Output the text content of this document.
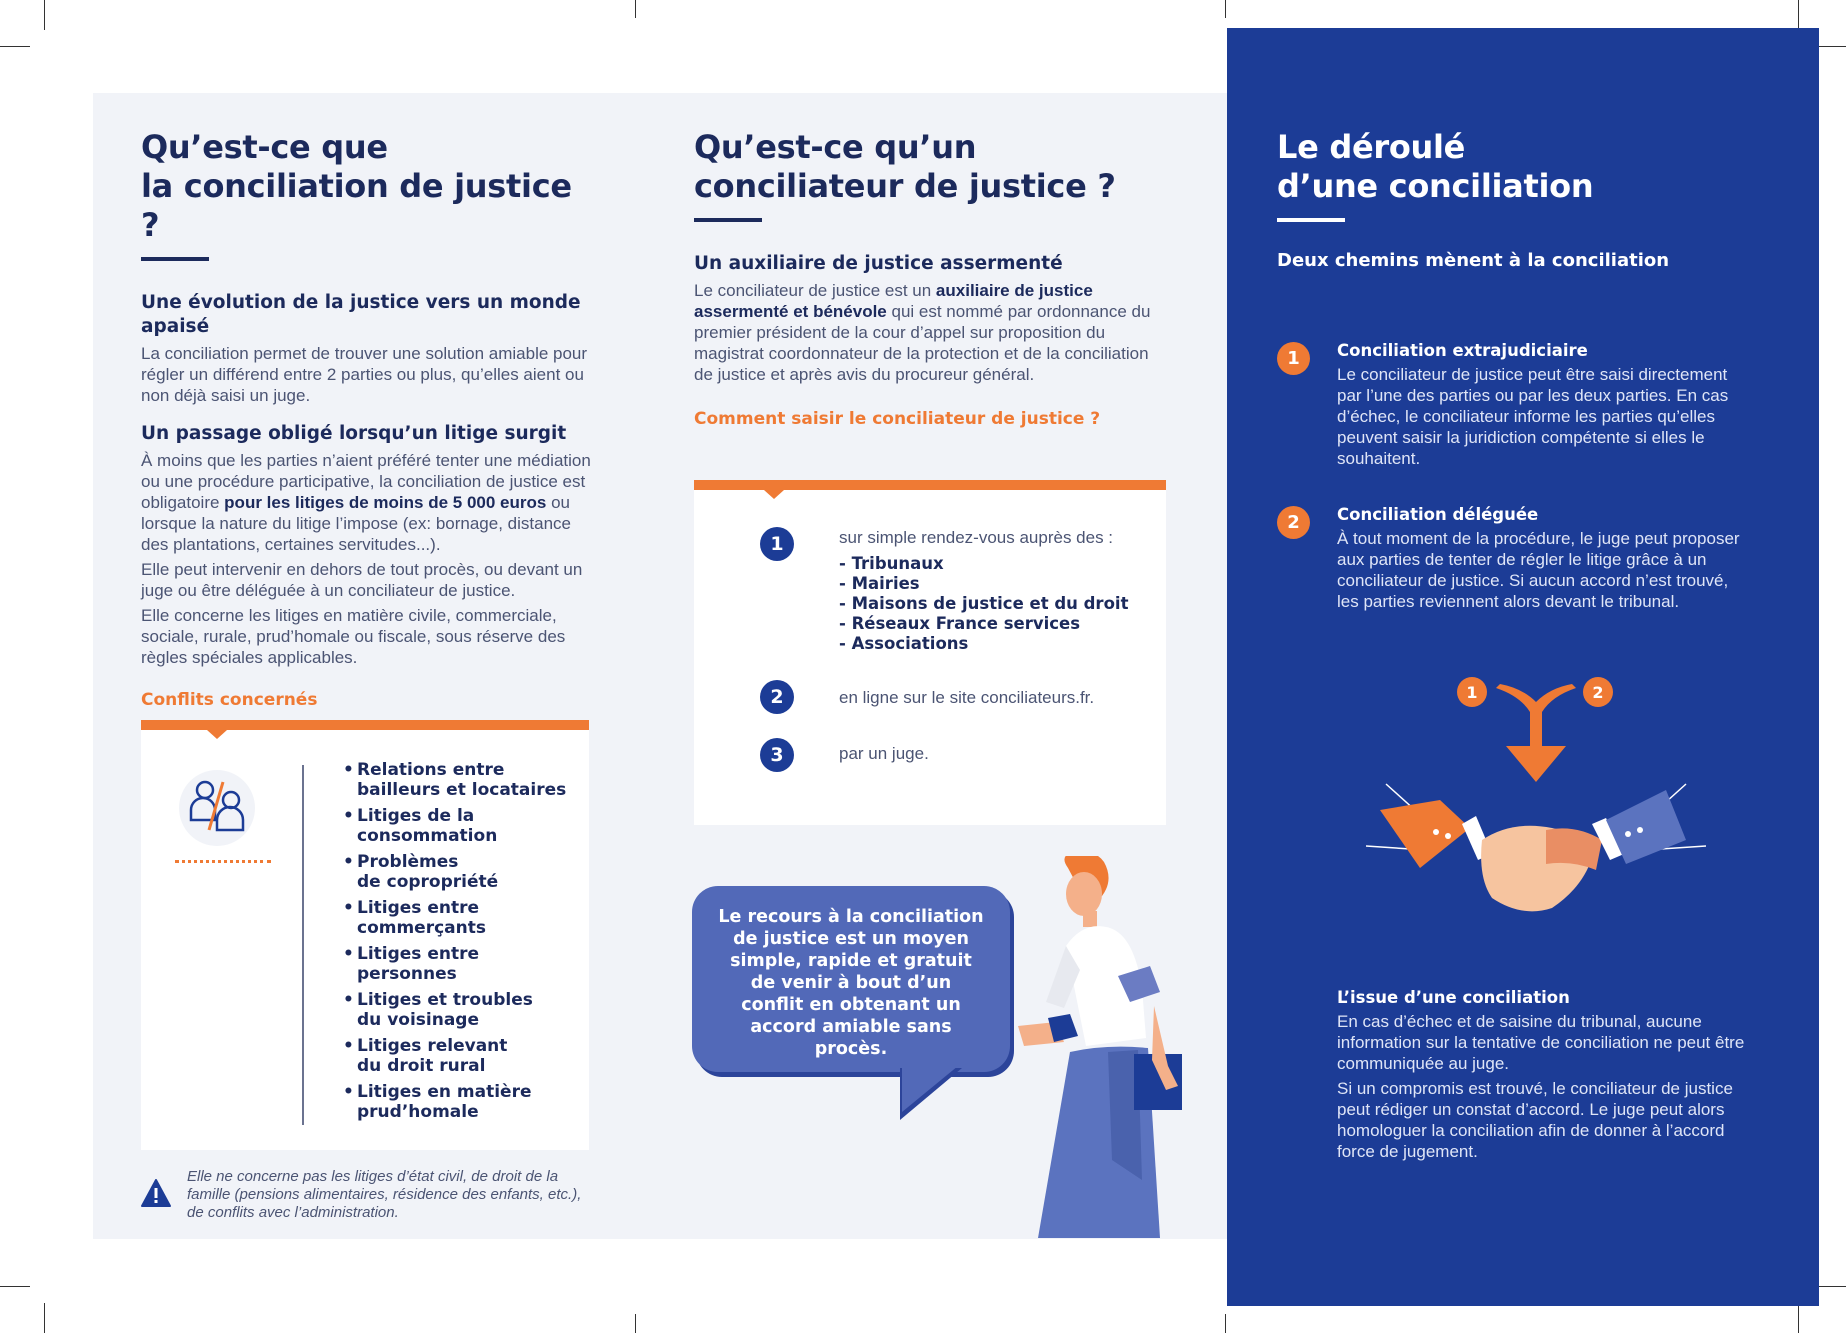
Qu’est-ce que
la conciliation de justice ?
Une évolution de la justice vers un monde apaisé

La conciliation permet de trouver une solution amiable pour régler un différend entre 2 parties ou plus, qu’elles aient ou non déjà saisi un juge.

Un passage obligé lorsqu’un litige surgit

À moins que les parties n’aient préféré tenter une médiation ou une procédure participative, la conciliation de justice est obligatoire pour les litiges de moins de 5 000 euros ou lorsque la nature du litige l’impose (ex: bornage, distance des plantations, certaines servitudes...).

Elle peut intervenir en dehors de tout procès, ou devant un juge ou être déléguée à un conciliateur de justice.

Elle concerne les litiges en matière civile, commerciale, sociale, rurale, prud’homale ou fiscale, sous réserve des règles spéciales applicables.

Conflits concernés
• Relations entre
bailleurs et locataires
• Litiges de la
consommation
• Problèmes
de copropriété
• Litiges entre
commerçants
• Litiges entre
personnes
• Litiges et troubles
du voisinage
• Litiges relevant
du droit rural
• Litiges en matière
prud’homale
Elle ne concerne pas les litiges d’état civil, de droit de la famille (pensions alimentaires, résidence des enfants, etc.), de conflits avec l’administration.
Qu’est-ce qu’un
conciliateur de justice ?
Un auxiliaire de justice assermenté

Le conciliateur de justice est un auxiliaire de justice assermenté et bénévole qui est nommé par ordonnance du premier président de la cour d’appel sur proposition du magistrat coordonnateur de la protection et de la conciliation de justice et après avis du procureur général.

Comment saisir le conciliateur de justice ?
1	sur simple rendez-vous auprès des :
- Tribunaux
- Mairies
- Maisons de justice et du droit
- Réseaux France services
- Associations
2	en ligne sur le site conciliateurs.fr.
3	par un juge.
Le recours à la conciliation de justice est un moyen simple, rapide et gratuit de venir à bout d’un conflit en obtenant un accord amiable sans procès.
Le déroulé
d’une conciliation
Deux chemins mènent à la conciliation
1	Conciliation extrajudiciaire

Le conciliateur de justice peut être saisi directement par l’une des parties ou par les deux parties. En cas d’échec, le conciliateur informe les parties qu’elles peuvent saisir la juridiction compétente si elles le souhaitent.

2	Conciliation déléguée

À tout moment de la procédure, le juge peut proposer aux parties de tenter de régler le litige grâce à un conciliateur de justice. Si aucun accord n’est trouvé, les parties reviennent alors devant le tribunal.

1	2
L’issue d’une conciliation

En cas d’échec et de saisine du tribunal, aucune information sur la tentative de conciliation ne peut être communiquée au juge.

Si un compromis est trouvé, le conciliateur de justice peut rédiger un constat d’accord. Le juge peut alors homologuer la conciliation afin de donner à l’accord force de jugement.
